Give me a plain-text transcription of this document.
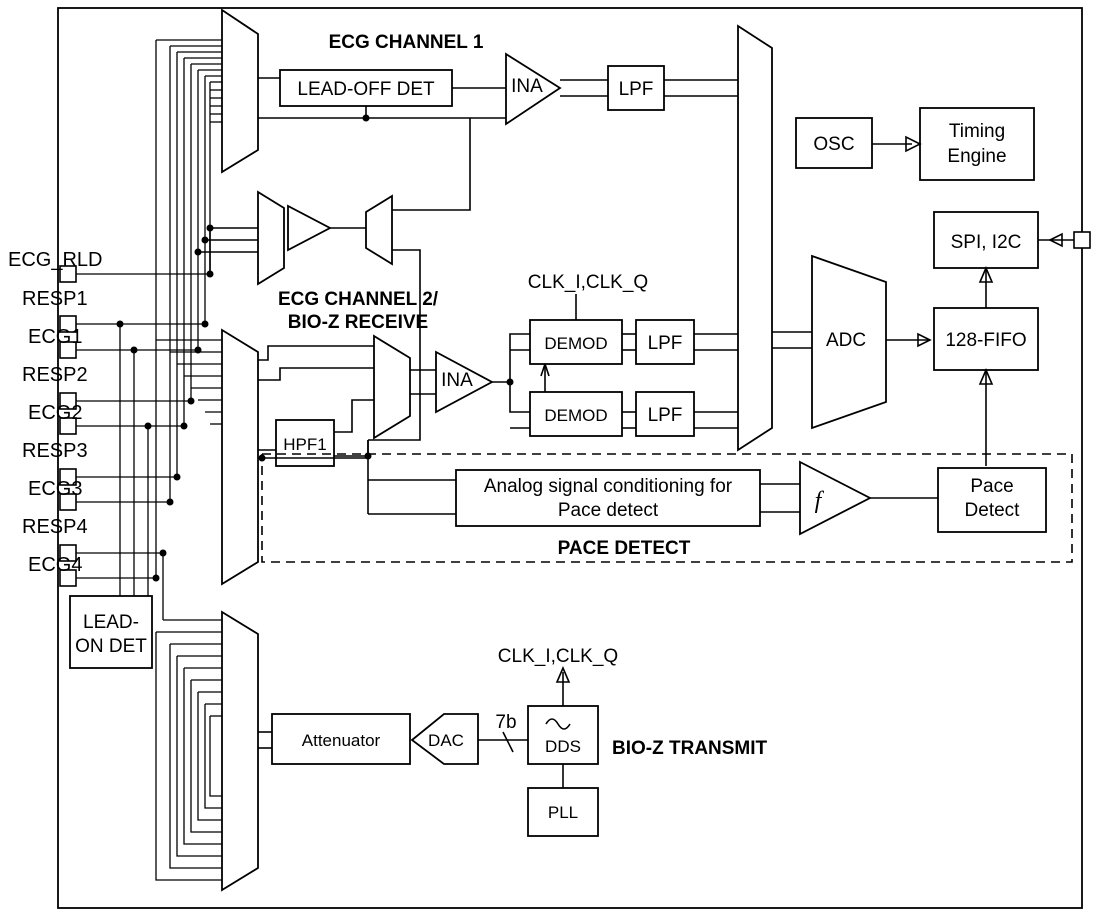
LEAD-OFF DET	INA	LPF
ECG CHANNEL 1
HPF1
INA
DEMOD
DEMOD
LPF
LPF
CLK_I,CLK_Q
ECG CHANNEL 2/
BIO-Z RECEIVE
ADC
OSC
Timing
Engine
SPI, I2C
128-FIFO
Analog signal conditioning for
Pace detect	f
Pace
Detect
PACE DETECT
LEAD-
ON DET
Attenuator	DAC
7b
DDS
CLK_I,CLK_Q
PLL
BIO-Z TRANSMIT
ECG_RLD
RESP1
ECG1
RESP2
ECG2
RESP3
ECG3
RESP4
ECG4
